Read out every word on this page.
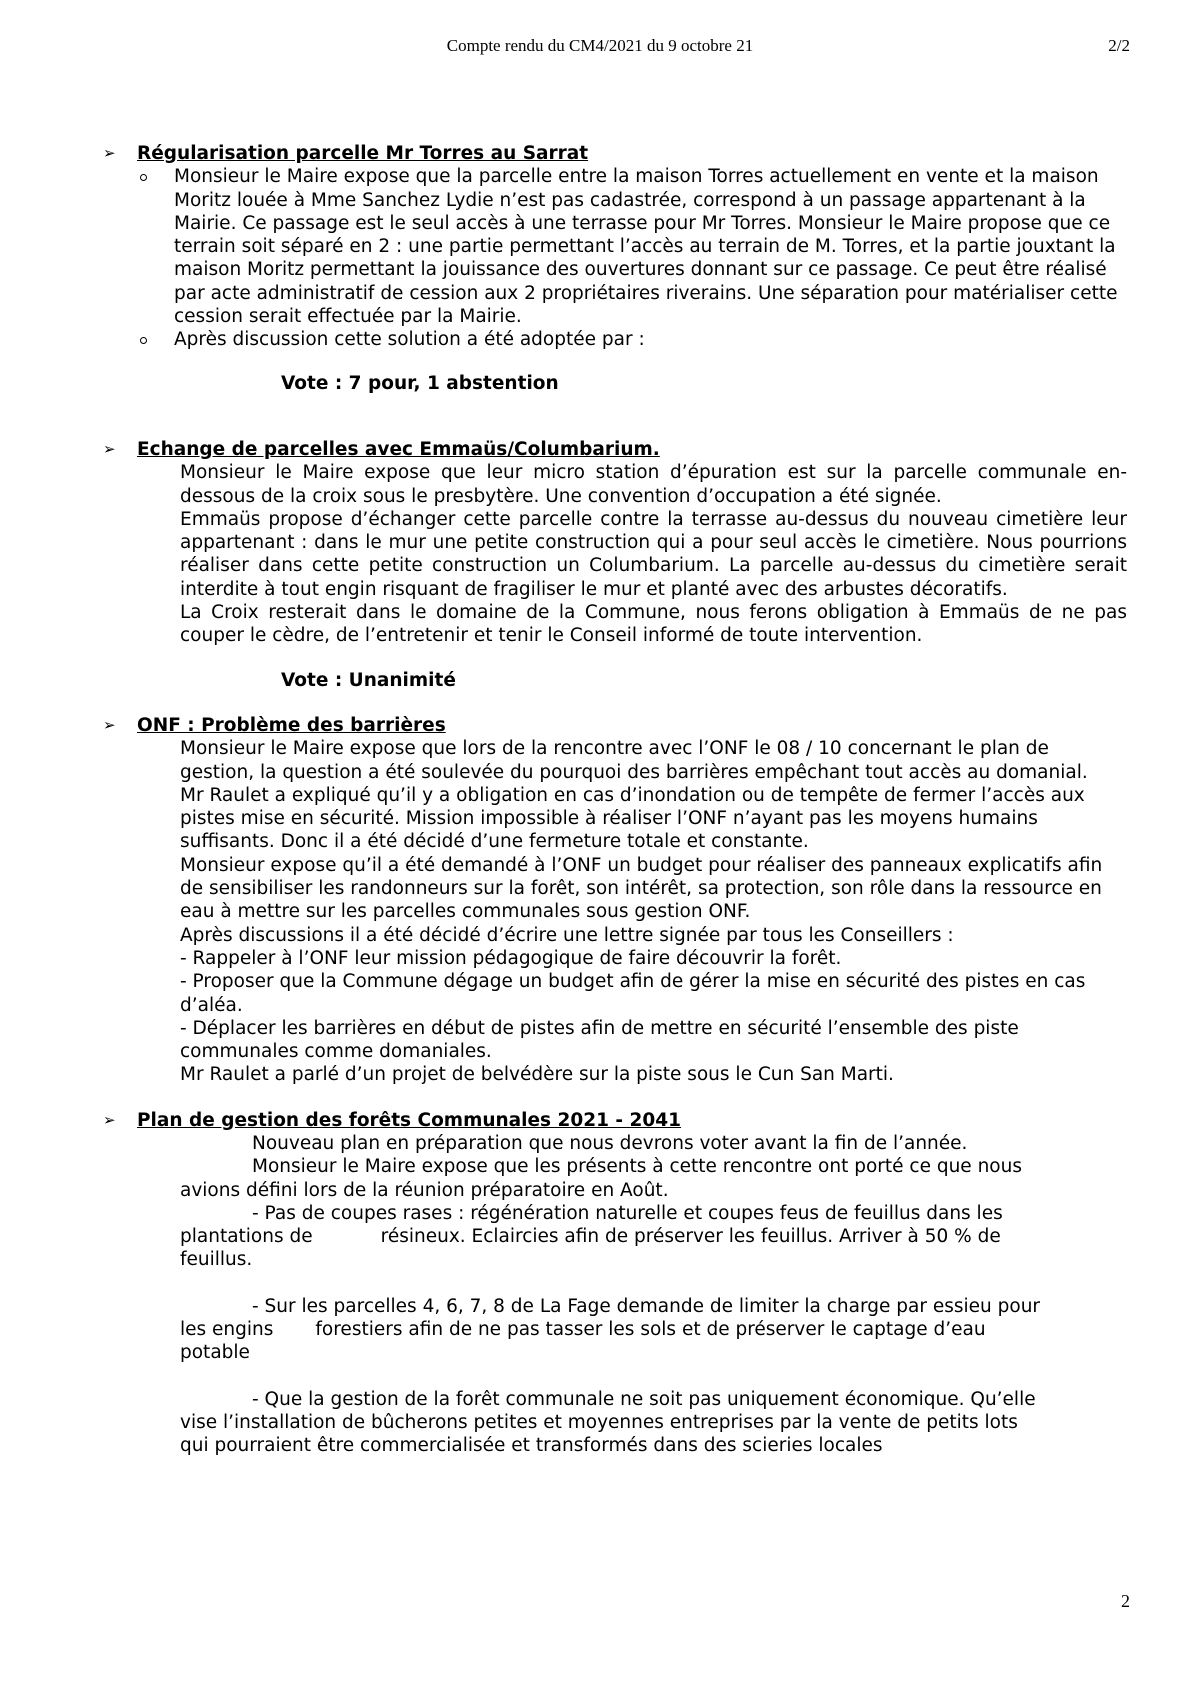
Compte rendu du CM4/2021 du 9 octobre 21	2/2
➢ Régularisation parcelle Mr Torres au Sarrat
Monsieur le Maire expose que la parcelle entre la maison Torres actuellement en vente et la maison Moritz louée à Mme Sanchez Lydie n’est pas cadastrée, correspond à un passage appartenant à la Mairie. Ce passage est le seul accès à une terrasse pour Mr Torres. Monsieur le Maire propose que ce terrain soit séparé en 2 : une partie permettant l’accès au terrain de M. Torres, et la partie jouxtant la maison Moritz permettant la jouissance des ouvertures donnant sur ce passage. Ce peut être réalisé par acte administratif de cession aux 2 propriétaires riverains. Une séparation pour matérialiser cette cession serait effectuée par la Mairie.
Après discussion cette solution a été adoptée par :
Vote : 7 pour, 1 abstention
➢ Echange de parcelles avec Emmaüs/Columbarium.
Monsieur le Maire expose que leur micro station d’épuration est sur la parcelle communale en-dessous de la croix sous le presbytère. Une convention d’occupation a été signée.
Emmaüs propose d’échanger cette parcelle contre la terrasse au-dessus du nouveau cimetière leur appartenant : dans le mur une petite construction qui a pour seul accès le cimetière. Nous pourrions réaliser dans cette petite construction un Columbarium. La parcelle au-dessus du cimetière serait interdite à tout engin risquant de fragiliser le mur et planté avec des arbustes décoratifs.
La Croix resterait dans le domaine de la Commune, nous ferons obligation à Emmaüs de ne pas couper le cèdre, de l’entretenir et tenir le Conseil informé de toute intervention.
Vote : Unanimité
➢ ONF : Problème des barrières
Monsieur le Maire expose que lors de la rencontre avec l’ONF le 08 / 10 concernant le plan de gestion, la question a été soulevée du pourquoi des barrières empêchant tout accès au domanial.
Mr Raulet a expliqué qu’il y a obligation en cas d’inondation ou de tempête de fermer l’accès aux pistes mise en sécurité. Mission impossible à réaliser l’ONF n’ayant pas les moyens humains suffisants. Donc il a été décidé d’une fermeture totale et constante.
Monsieur expose qu’il a été demandé à l’ONF un budget pour réaliser des panneaux explicatifs afin de sensibiliser les randonneurs sur la forêt, son intérêt, sa protection, son rôle dans la ressource en eau à mettre sur les parcelles communales sous gestion ONF.
Après discussions il a été décidé d’écrire une lettre signée par tous les Conseillers :
- Rappeler à l’ONF leur mission pédagogique de faire découvrir la forêt.
- Proposer que la Commune dégage un budget afin de gérer la mise en sécurité des pistes en cas d’aléa.
- Déplacer les barrières en début de pistes afin de mettre en sécurité l’ensemble des piste communales comme domaniales.
Mr Raulet a parlé d’un projet de belvédère sur la piste sous le Cun San Marti.
➢ Plan de gestion des forêts Communales 2021 - 2041
Nouveau plan en préparation que nous devrons voter avant la fin de l’année.
Monsieur le Maire expose que les présents à cette rencontre ont porté ce que nous
avions défini lors de la réunion préparatoire en Août.
- Pas de coupes rases : régénération naturelle et coupes feus de feuillus dans les
plantations de	résineux. Eclaircies afin de préserver les feuillus. Arriver à 50 % de
feuillus.
- Sur les parcelles 4, 6, 7, 8 de La Fage demande de limiter la charge par essieu pour
les engins forestiers afin de ne pas tasser les sols et de préserver le captage d’eau
potable
- Que la gestion de la forêt communale ne soit pas uniquement économique. Qu’elle
vise l’installation de bûcherons petites et moyennes entreprises par la vente de petits lots
qui pourraient être commercialisée et transformés dans des scieries locales
2
